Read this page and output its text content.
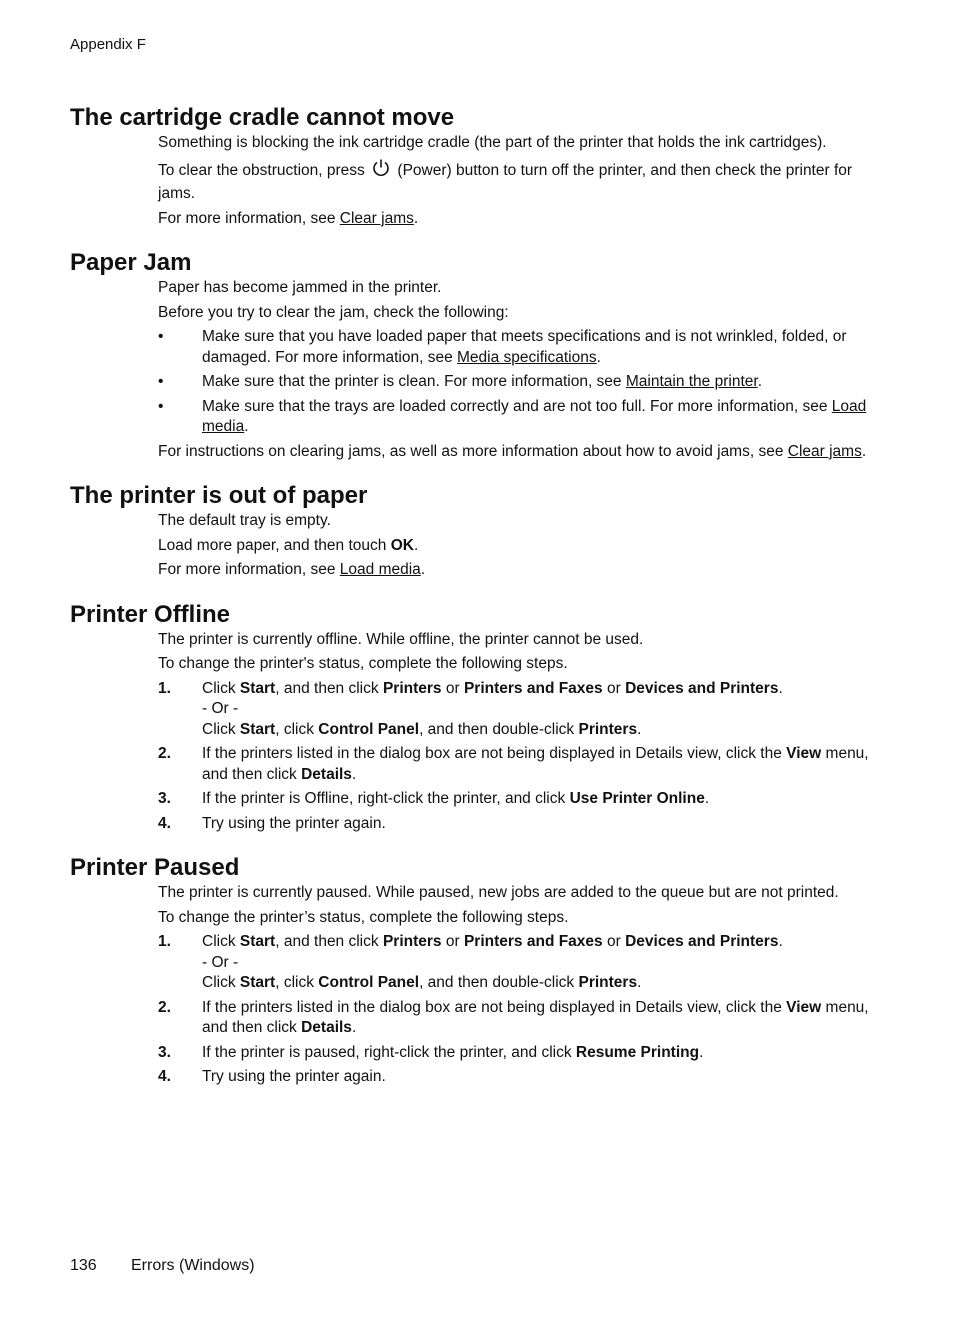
Appendix F
The cartridge cradle cannot move

Something is blocking the ink cartridge cradle (the part of the printer that holds the ink cartridges).

To clear the obstruction, press (Power) button to turn off the printer, and then check the printer for jams.

For more information, see Clear jams.

Paper Jam

Paper has become jammed in the printer.

Before you try to clear the jam, check the following:

•	Make sure that you have loaded paper that meets specifications and is not wrinkled, folded, or damaged. For more information, see Media specifications.
•	Make sure that the printer is clean. For more information, see Maintain the printer.
•	Make sure that the trays are loaded correctly and are not too full. For more information, see Load media.

For instructions on clearing jams, as well as more information about how to avoid jams, see Clear jams.

The printer is out of paper

The default tray is empty.

Load more paper, and then touch OK.

For more information, see Load media.

Printer Offline

The printer is currently offline. While offline, the printer cannot be used.

To change the printer's status, complete the following steps.

1.	Click Start, and then click Printers or Printers and Faxes or Devices and Printers.
- Or -
Click Start, click Control Panel, and then double-click Printers.
2.	If the printers listed in the dialog box are not being displayed in Details view, click the View menu, and then click Details.
3.	If the printer is Offline, right-click the printer, and click Use Printer Online.
4.	Try using the printer again.
Printer Paused

The printer is currently paused. While paused, new jobs are added to the queue but are not printed.

To change the printer’s status, complete the following steps.

1.	Click Start, and then click Printers or Printers and Faxes or Devices and Printers.
- Or -
Click Start, click Control Panel, and then double-click Printers.
2.	If the printers listed in the dialog box are not being displayed in Details view, click the View menu, and then click Details.
3.	If the printer is paused, right-click the printer, and click Resume Printing.
4.	Try using the printer again.
136 Errors (Windows)
